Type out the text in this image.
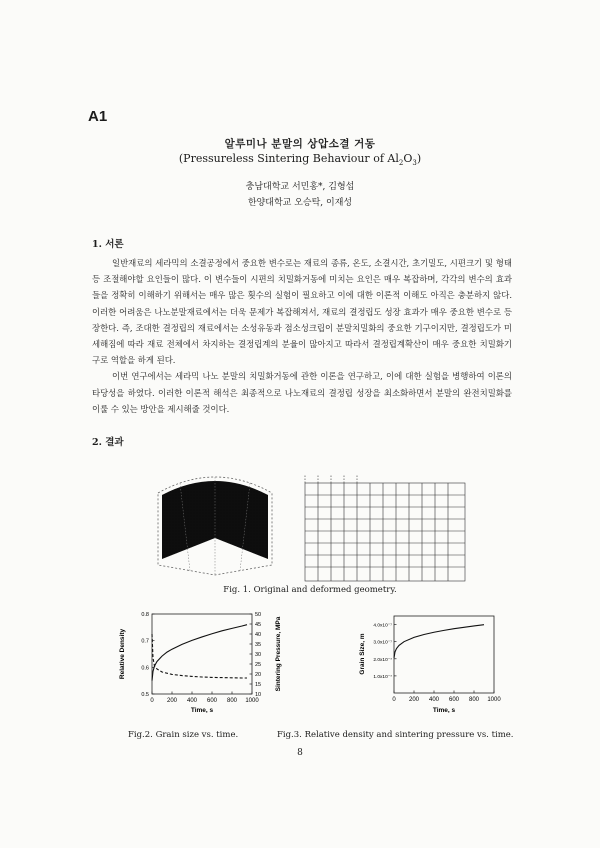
A1
알루미나 분말의 상압소결 거동
(Pressureless Sintering Behaviour of $Al_2O_3$)
충남대학교 서민홍*, 김형섭
한양대학교 오승탁, 이재성
1. 서론

일반재료의 세라믹의 소결공정에서 중요한 변수로는 재료의 종류, 온도, 소결시간, 초기밀도, 시편크기 및 형태 등 조절해야할 요인들이 많다. 이 변수들이 시편의 치밀화거동에 미치는 요인은 매우 복잡하며, 각각의 변수의 효과들을 정확히 이해하기 위해서는 매우 많은 횟수의 실험이 필요하고 이에 대한 이론적 이해도 아직은 충분하지 않다. 이러한 어려움은 나노분말재료에서는 더욱 문제가 복잡해져서, 재료의 결정립도 성장 효과가 매우 중요한 변수로 등장한다. 즉, 조대한 결정립의 재료에서는 소성유동과 점소성크립이 분말치밀화의 중요한 기구이지만, 결정립도가 미세해짐에 따라 재료 전체에서 차지하는 결정립계의 분율이 많아지고 따라서 결정립계확산이 매우 중요한 치밀화기구로 역할을 하게 된다.

이번 연구에서는 세라믹 나노 분말의 치밀화거동에 관한 이론을 연구하고, 이에 대한 실험을 병행하여 이론의 타당성을 하였다. 이러한 이론적 해석은 최종적으로 나노재료의 결정립 성장을 최소화하면서 분말의 완전치밀화를 이룰 수 있는 방안을 제시해줄 것이다.

2. 결과
Fig. 1. Original and deformed geometry.
0 200 400 600 800 1000
0.5
0.6
0.7
0.8
10
15
20
25
30
35
40
45
50
Time, s
Relative Density	Sintering Pressure, MPa
0 200 400 600 800 1000
1.0x10⁻⁷
2.0x10⁻⁷
3.0x10⁻⁷
4.0x10⁻⁷
Time, s
Grain Size, m
Fig.2. Grain size vs. time.	Fig.3. Relative density and sintering pressure vs. time.
8
